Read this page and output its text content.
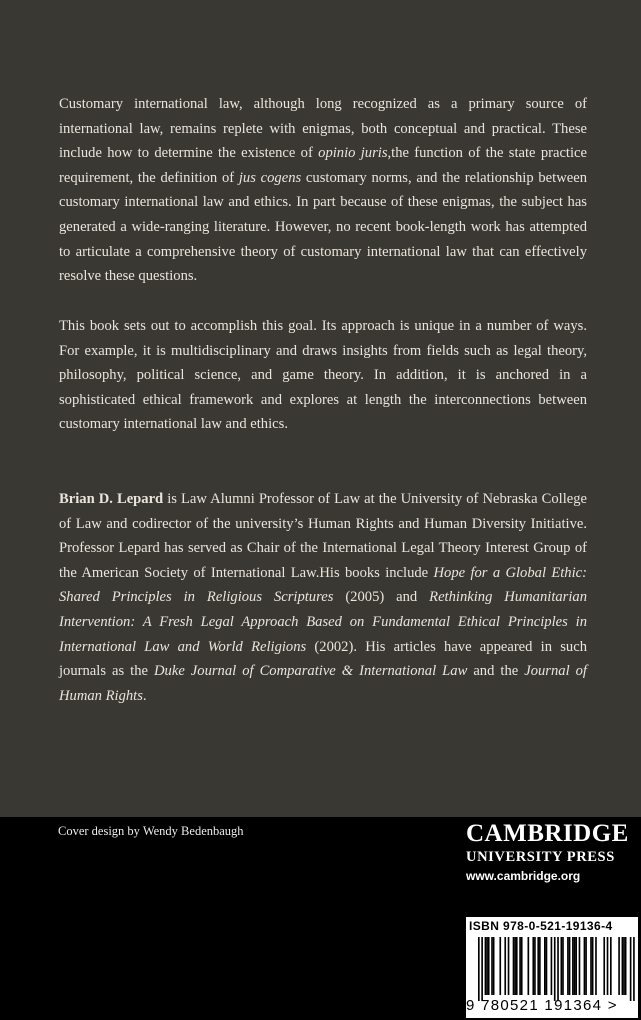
Customary international law, although long recognized as a primary source of international law, remains replete with enigmas, both conceptual and practical. These include how to determine the existence of opinio juris,the function of the state practice requirement, the definition of jus cogens customary norms, and the relationship between customary international law and ethics. In part because of these enigmas, the subject has generated a wide-ranging literature. However, no recent book-length work has attempted to articulate a comprehensive theory of customary international law that can effectively resolve these questions.

This book sets out to accomplish this goal. Its approach is unique in a number of ways. For example, it is multidisciplinary and draws insights from fields such as legal theory, philosophy, political science, and game theory. In addition, it is anchored in a sophisticated ethical framework and explores at length the interconnections between customary international law and ethics.

Brian D. Lepard is Law Alumni Professor of Law at the University of Nebraska College of Law and codirector of the university’s Human Rights and Human Diversity Initiative. Professor Lepard has served as Chair of the International Legal Theory Interest Group of the American Society of International Law.His books include Hope for a Global Ethic: Shared Principles in Religious Scriptures (2005) and Rethinking Humanitarian Intervention: A Fresh Legal Approach Based on Fundamental Ethical Principles in International Law and World Religions (2002). His articles have appeared in such journals as the Duke Journal of Comparative & International Law and the Journal of Human Rights.

Cover design by Wendy Bedenbaugh	CAMBRIDGE
UNIVERSITY PRESS
www.cambridge.org
ISBN 978-0-521-19136-4
9 780521 191364 >
